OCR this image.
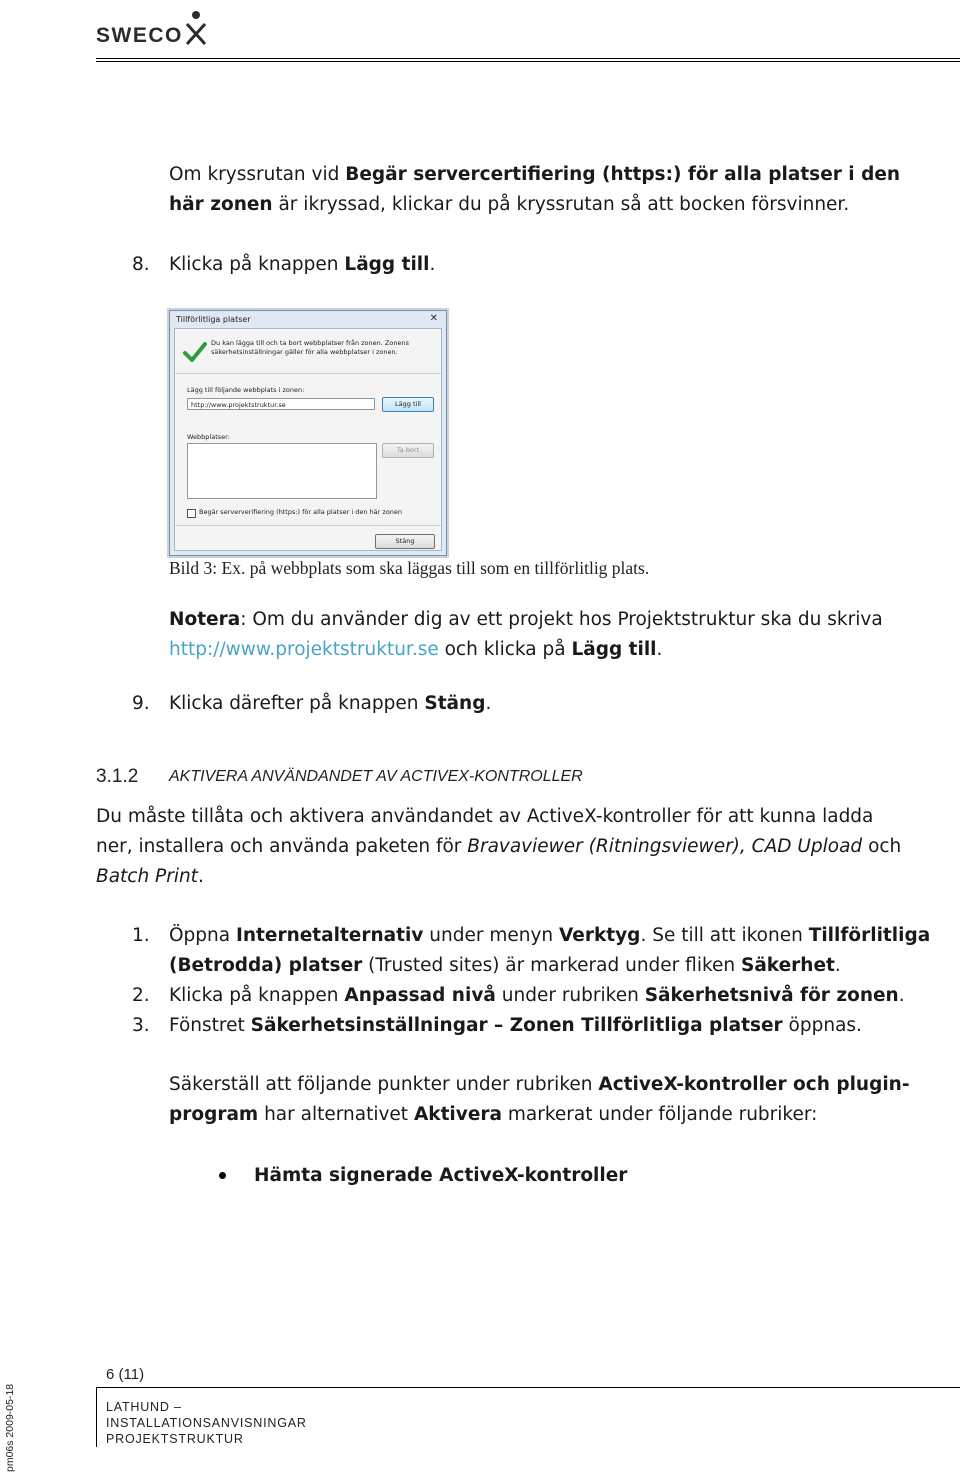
SWECO
Om kryssrutan vid Begär servercertifiering (https:) för alla platser i den här zonen är ikryssad, klickar du på kryssrutan så att bocken försvinner.
8.	Klicka på knappen Lägg till.
Tillförlitliga platser	✕
Du kan lägga till och ta bort webbplatser från zonen. Zonens säkerhetsinställningar gäller för alla webbplatser i zonen.
Lägg till följande webbplats i zonen:
http://www.projektstruktur.se	Lägg till
Webbplatser:
Ta bort
Begär serververifiering (https:) för alla platser i den här zonen
Stäng
Bild 3: Ex. på webbplats som ska läggas till som en tillförlitlig plats.
Notera: Om du använder dig av ett projekt hos Projektstruktur ska du skriva
http://www.projektstruktur.se och klicka på Lägg till.
9.	Klicka därefter på knappen Stäng.
3.1.2 AKTIVERA ANVÄNDANDET AV ACTIVEX-KONTROLLER
Du måste tillåta och aktivera användandet av ActiveX-kontroller för att kunna ladda
ner, installera och använda paketen för Bravaviewer (Ritningsviewer), CAD Upload och
Batch Print.
1.	Öppna Internetalternativ under menyn Verktyg. Se till att ikonen Tillförlitliga
(Betrodda) platser (Trusted sites) är markerad under fliken Säkerhet.
2.	Klicka på knappen Anpassad nivå under rubriken Säkerhetsnivå för zonen.
3.	Fönstret Säkerhetsinställningar – Zonen Tillförlitliga platser öppnas.
Säkerställ att följande punkter under rubriken ActiveX-kontroller och plugin-
program har alternativet Aktivera markerat under följande rubriker:
Hämta signerade ActiveX-kontroller
pm06s 2009-05-18
6 (11)
LATHUND –
INSTALLATIONSANVISNINGAR
PROJEKTSTRUKTUR
